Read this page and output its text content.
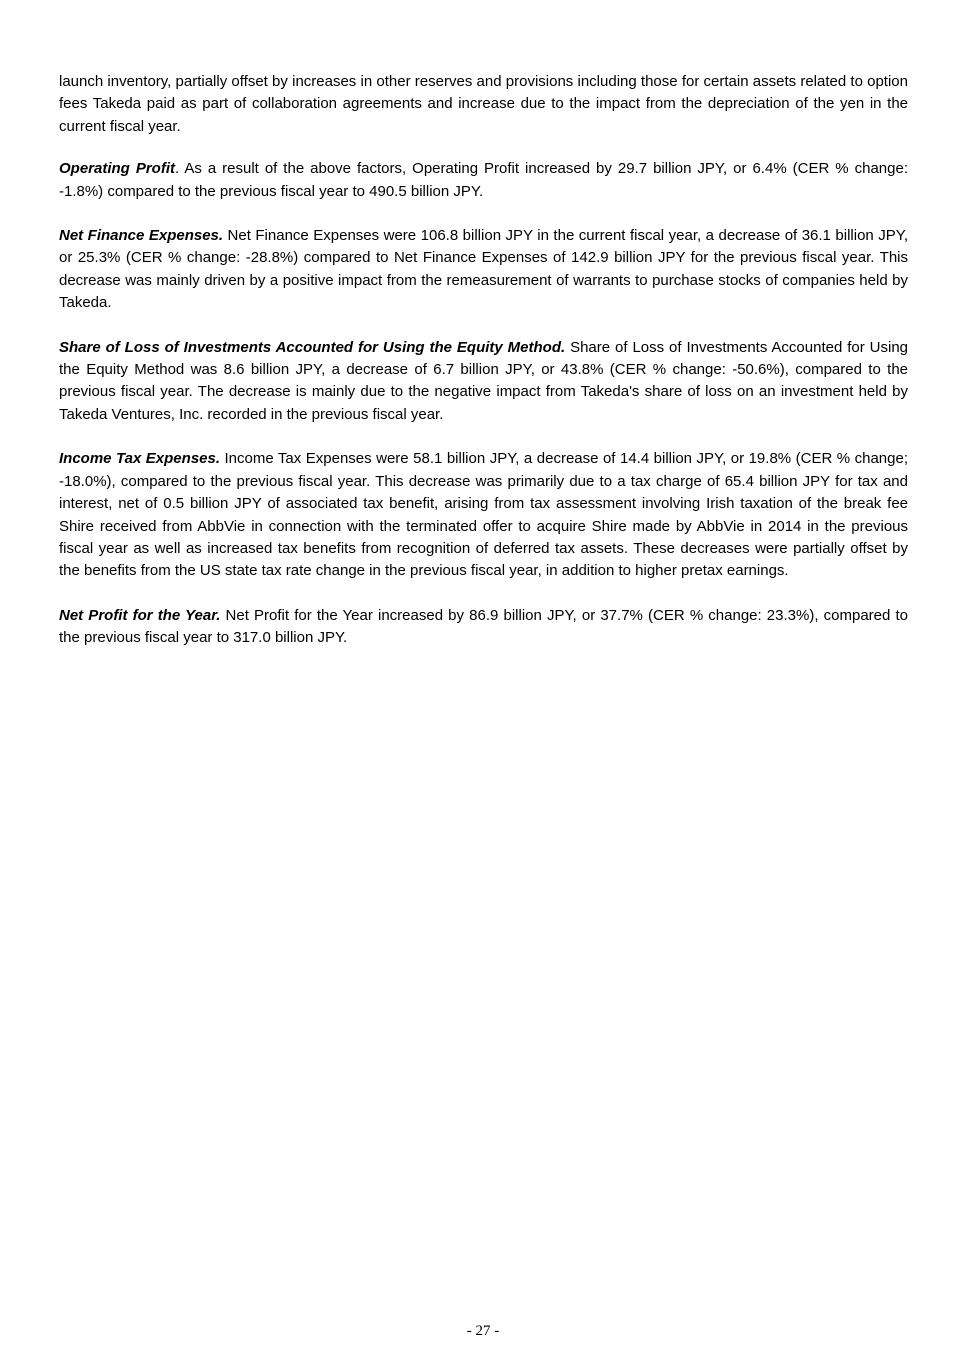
launch inventory, partially offset by increases in other reserves and provisions including those for certain assets related to option fees Takeda paid as part of collaboration agreements and increase due to the impact from the depreciation of the yen in the current fiscal year.

Operating Profit. As a result of the above factors, Operating Profit increased by 29.7 billion JPY, or 6.4% (CER % change: -1.8%) compared to the previous fiscal year to 490.5 billion JPY.

Net Finance Expenses. Net Finance Expenses were 106.8 billion JPY in the current fiscal year, a decrease of 36.1 billion JPY, or 25.3% (CER % change: -28.8%) compared to Net Finance Expenses of 142.9 billion JPY for the previous fiscal year. This decrease was mainly driven by a positive impact from the remeasurement of warrants to purchase stocks of companies held by Takeda.

Share of Loss of Investments Accounted for Using the Equity Method. Share of Loss of Investments Accounted for Using the Equity Method was 8.6 billion JPY, a decrease of 6.7 billion JPY, or 43.8% (CER % change: -50.6%), compared to the previous fiscal year. The decrease is mainly due to the negative impact from Takeda's share of loss on an investment held by Takeda Ventures, Inc. recorded in the previous fiscal year.

Income Tax Expenses. Income Tax Expenses were 58.1 billion JPY, a decrease of 14.4 billion JPY, or 19.8% (CER % change; -18.0%), compared to the previous fiscal year. This decrease was primarily due to a tax charge of 65.4 billion JPY for tax and interest, net of 0.5 billion JPY of associated tax benefit, arising from tax assessment involving Irish taxation of the break fee Shire received from AbbVie in connection with the terminated offer to acquire Shire made by AbbVie in 2014 in the previous fiscal year as well as increased tax benefits from recognition of deferred tax assets. These decreases were partially offset by the benefits from the US state tax rate change in the previous fiscal year, in addition to higher pretax earnings.

Net Profit for the Year. Net Profit for the Year increased by 86.9 billion JPY, or 37.7% (CER % change: 23.3%), compared to the previous fiscal year to 317.0 billion JPY.

- 27 -
